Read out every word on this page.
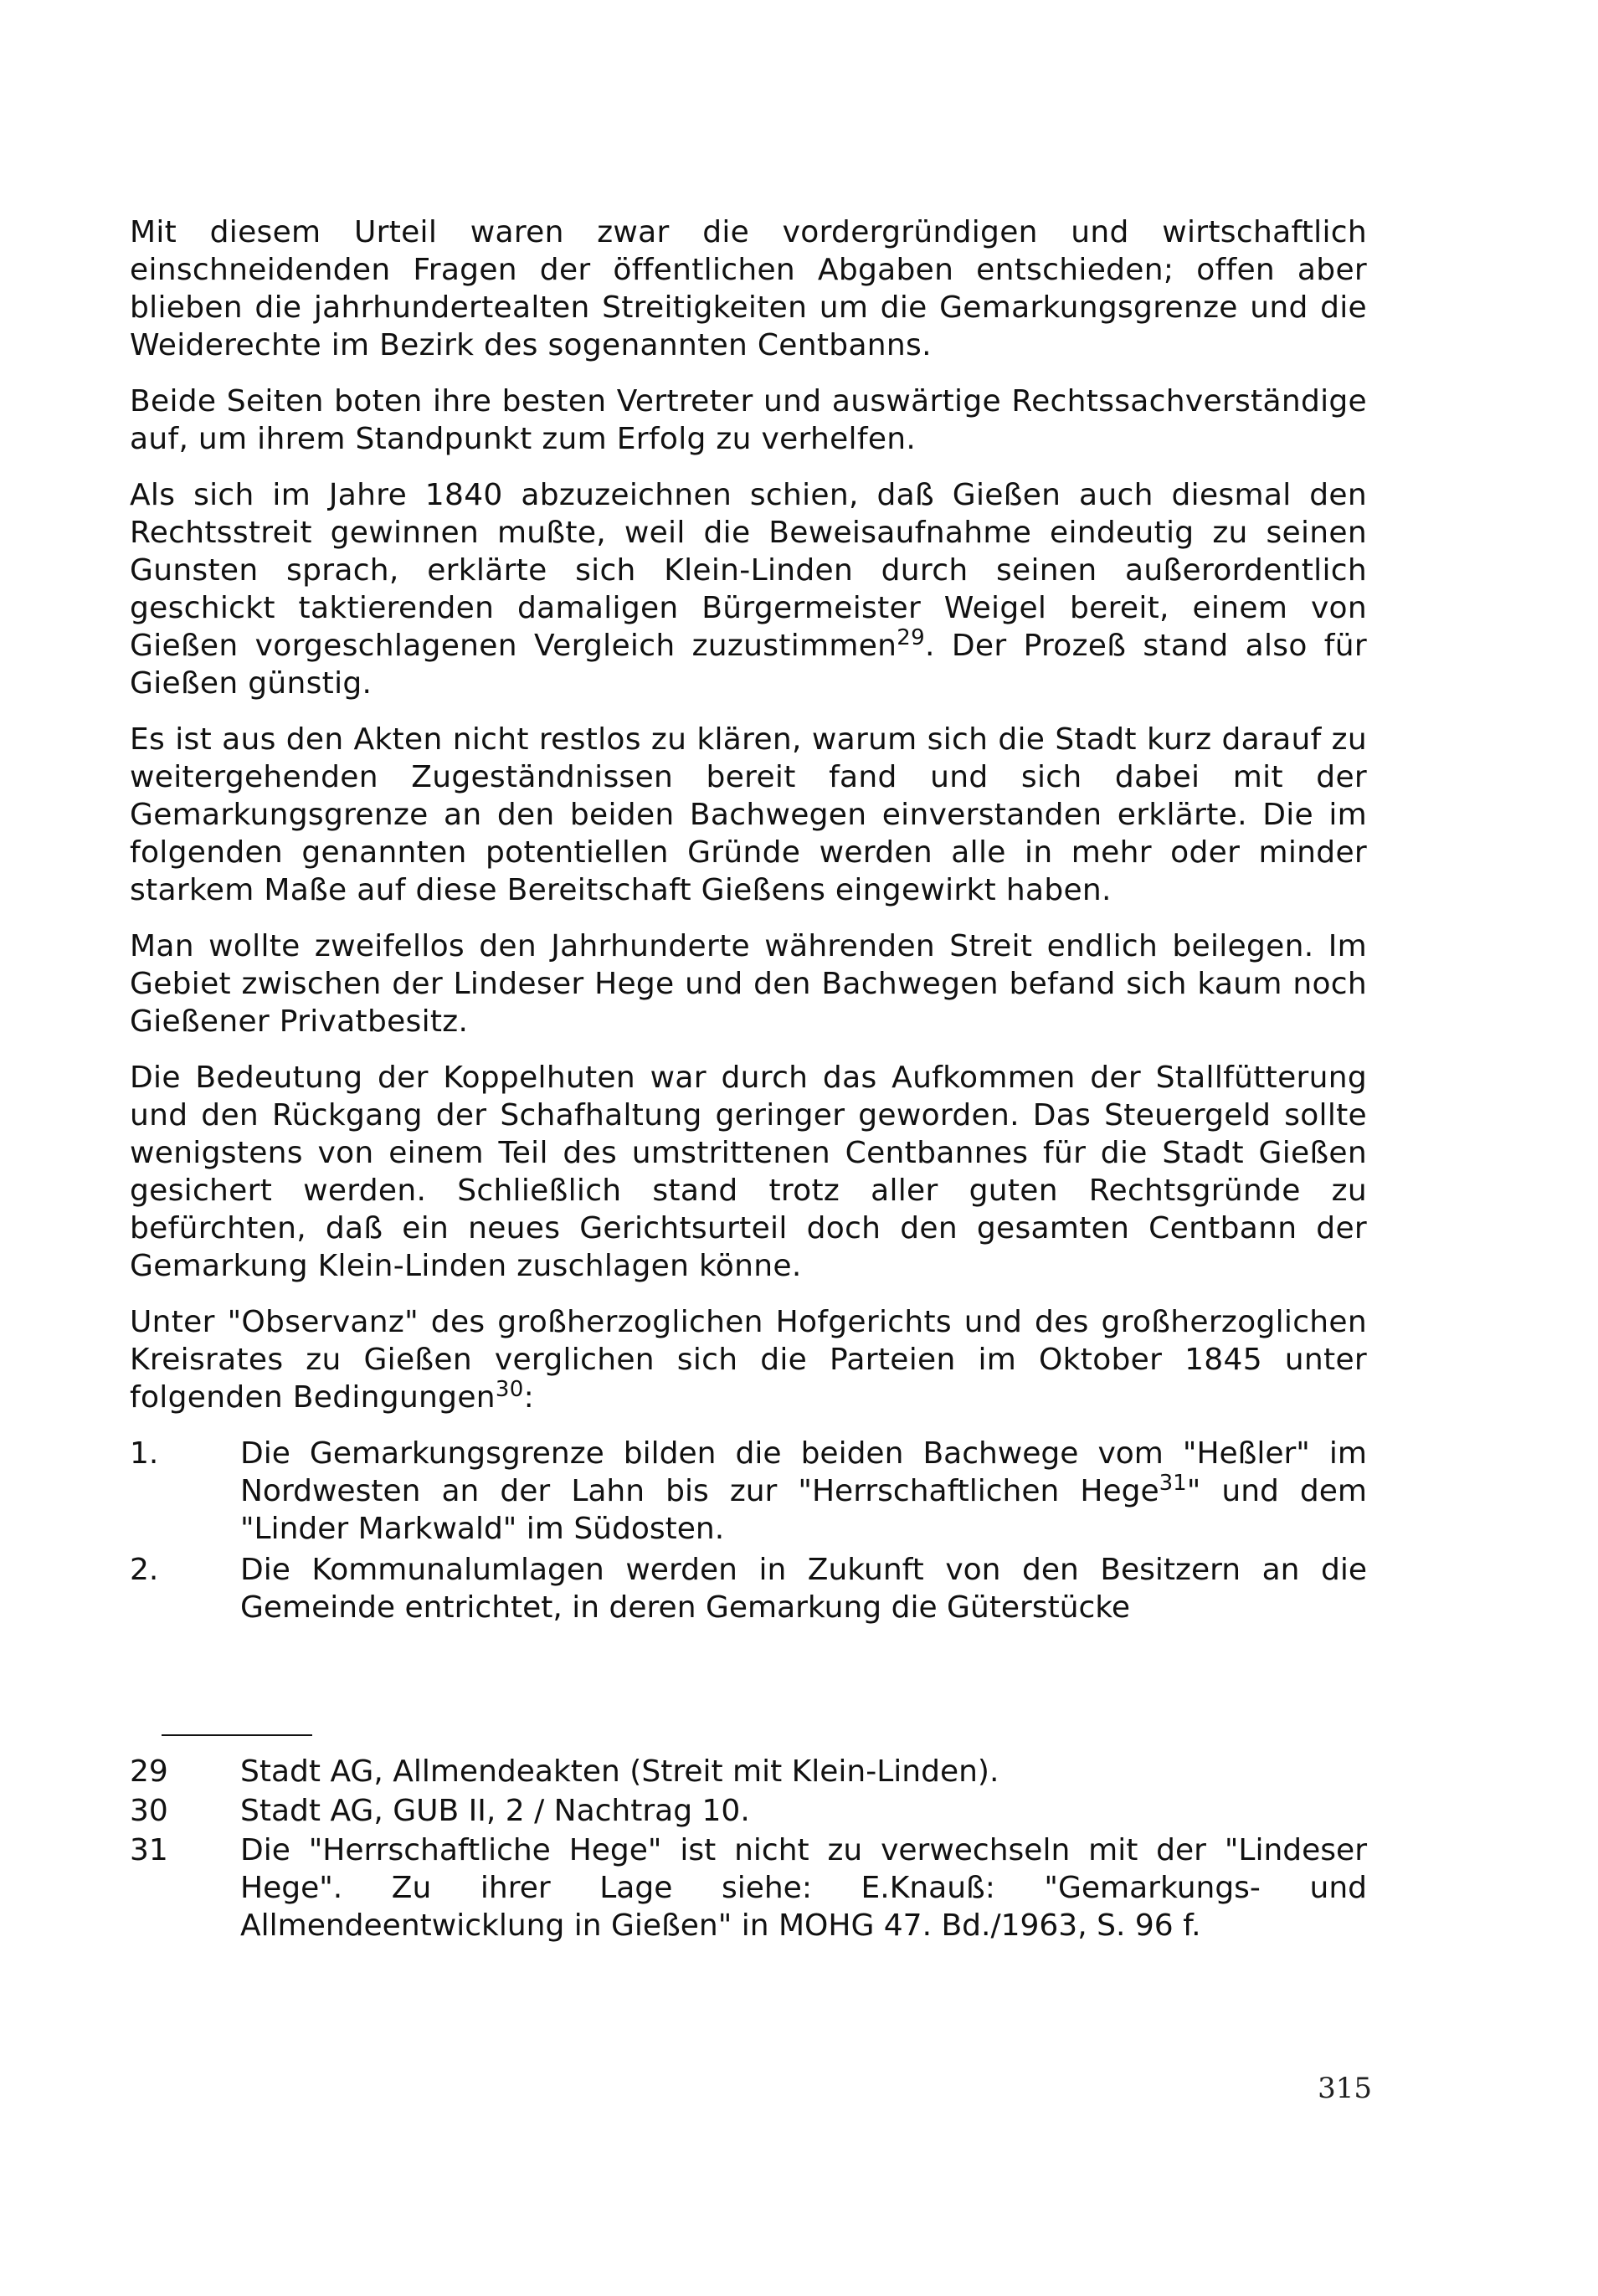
Mit diesem Urteil waren zwar die vordergründigen und wirtschaftlich einschneidenden Fragen der öffentlichen Abgaben entschieden; offen aber blieben die jahrhundertealten Streitigkeiten um die Gemarkungsgrenze und die Weiderechte im Bezirk des sogenannten Centbanns.

Beide Seiten boten ihre besten Vertreter und auswärtige Rechtssachverständige auf, um ihrem Standpunkt zum Erfolg zu verhelfen.

Als sich im Jahre 1840 abzuzeichnen schien, daß Gießen auch diesmal den Rechtsstreit gewinnen mußte, weil die Beweisaufnahme eindeutig zu seinen Gunsten sprach, erklärte sich Klein-Linden durch seinen außerordentlich geschickt taktierenden damaligen Bürgermeister Weigel bereit, einem von Gießen vorgeschlagenen Vergleich zuzustimmen$^{29}$. Der Prozeß stand also für Gießen günstig.

Es ist aus den Akten nicht restlos zu klären, warum sich die Stadt kurz darauf zu weitergehenden Zugeständnissen bereit fand und sich dabei mit der Gemarkungsgrenze an den beiden Bachwegen einverstanden erklärte. Die im folgenden genannten potentiellen Gründe werden alle in mehr oder minder starkem Maße auf diese Bereitschaft Gießens eingewirkt haben.

Man wollte zweifellos den Jahrhunderte währenden Streit endlich beilegen. Im Gebiet zwischen der Lindeser Hege und den Bachwegen befand sich kaum noch Gießener Privatbesitz.

Die Bedeutung der Koppelhuten war durch das Aufkommen der Stallfütterung und den Rückgang der Schafhaltung geringer geworden. Das Steuergeld sollte wenigstens von einem Teil des umstrittenen Centbannes für die Stadt Gießen gesichert werden. Schließlich stand trotz aller guten Rechtsgründe zu befürchten, daß ein neues Gerichtsurteil doch den gesamten Centbann der Gemarkung Klein-Linden zuschlagen könne.

Unter "Observanz" des großherzoglichen Hofgerichts und des großherzoglichen Kreisrates zu Gießen verglichen sich die Parteien im Oktober 1845 unter folgenden Bedingungen$^{30}$:

1.	Die Gemarkungsgrenze bilden die beiden Bachwege vom "Heßler" im Nordwesten an der Lahn bis zur "Herrschaftlichen Hege$^{31}$" und dem "Linder Markwald" im Südosten.
2.	Die Kommunalumlagen werden in Zukunft von den Besitzern an die Gemeinde entrichtet, in deren Gemarkung die Güterstücke
29	Stadt AG, Allmendeakten (Streit mit Klein-Linden).
30	Stadt AG, GUB II, 2 / Nachtrag 10.
31	Die "Herrschaftliche Hege" ist nicht zu verwechseln mit der "Lindeser Hege". Zu ihrer Lage siehe: E.Knauß: "Gemarkungs- und Allmendeentwicklung in Gießen" in MOHG 47. Bd./1963, S. 96 f.
315
